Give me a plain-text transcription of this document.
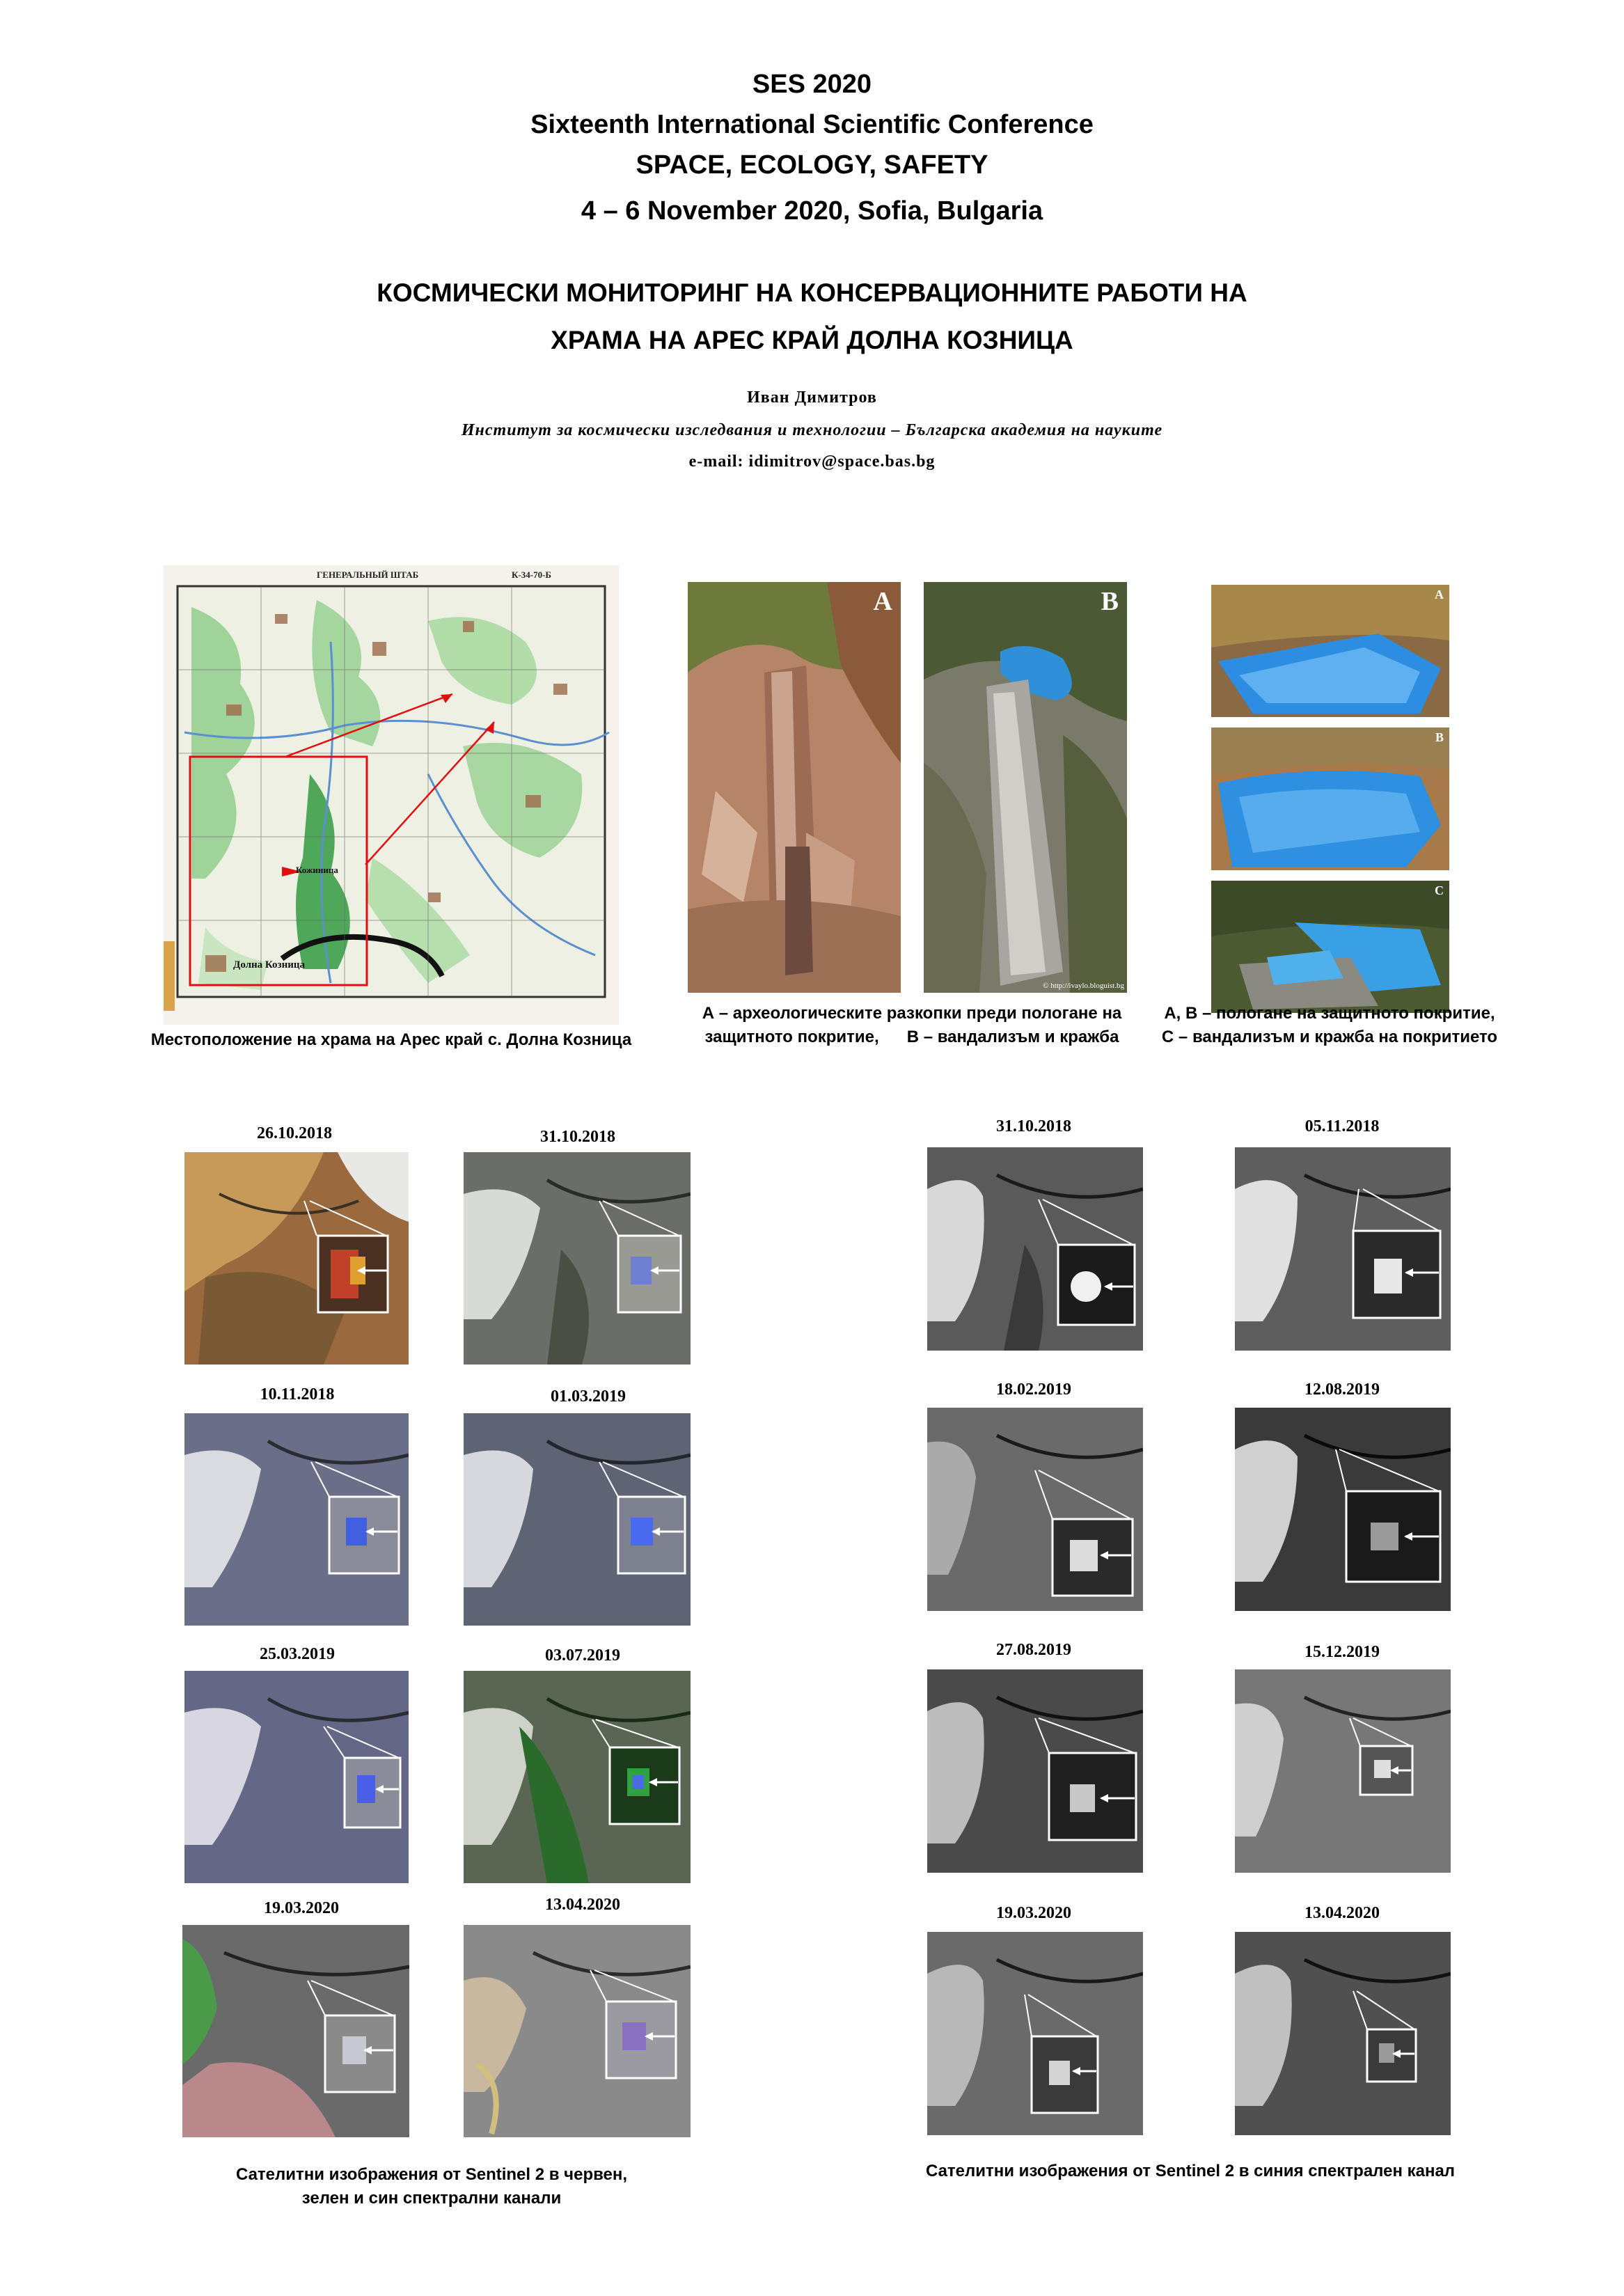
SES 2020
Sixteenth International Scientific Conference
SPACE, ECOLOGY, SAFETY
4 – 6 November 2020, Sofia, Bulgaria
КОСМИЧЕСКИ МОНИТОРИНГ НА КОНСЕРВАЦИОННИТЕ РАБОТИ НА
ХРАМА НА АРЕС КРАЙ ДОЛНА КОЗНИЦА
Иван Димитров
Институт за космически изследвания и технологии – Българска академия на науките
e-mail: idimitrov@space.bas.bg
ГЕНЕРАЛЬНЫЙ ШТАБ	К-34-70-Б
Долна Козница
Кожиница
Местоположение на храма на Арес край с. Долна Козница
A	B
© http://ivaylo.bloguist.bg
А – археологическите разкопки преди пологане на
защитното покритие,      В – вандализъм и кражба
A
B
C
А, В – пологане на защитното покритие,
С – вандализъм и кражба на покритието
26.10.2018	31.10.2018
10.11.2018	01.03.2019
25.03.2019	03.07.2019
19.03.2020	13.04.2020
Сателитни изображения от Sentinel 2 в червен,
зелен и син спектрални канали
31.10.2018	05.11.2018
18.02.2019	12.08.2019
27.08.2019	15.12.2019
19.03.2020	13.04.2020
Сателитни изображения от Sentinel 2 в синия спектрален канал
